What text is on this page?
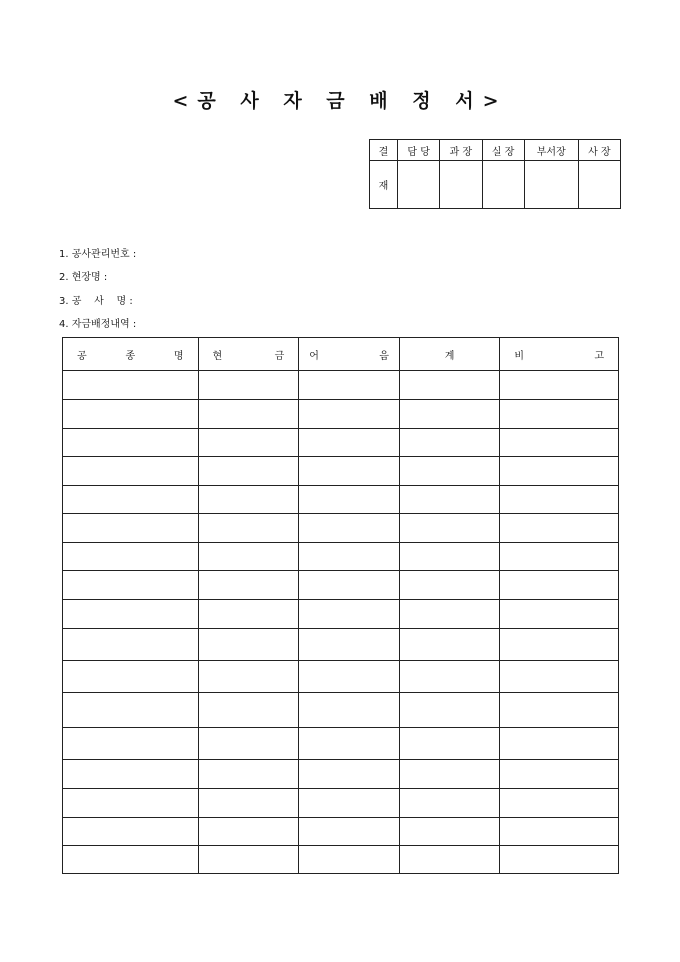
<공 사 자 금 배 정 서>
결	담 당	과 장	실 장	부서장	사 장
재					
1. 공사관리번호 :
2. 현장명 :
3. 공    사    명 :
4. 자금배정내역 :
공 종 명	현 금	어 음	계	비 고
